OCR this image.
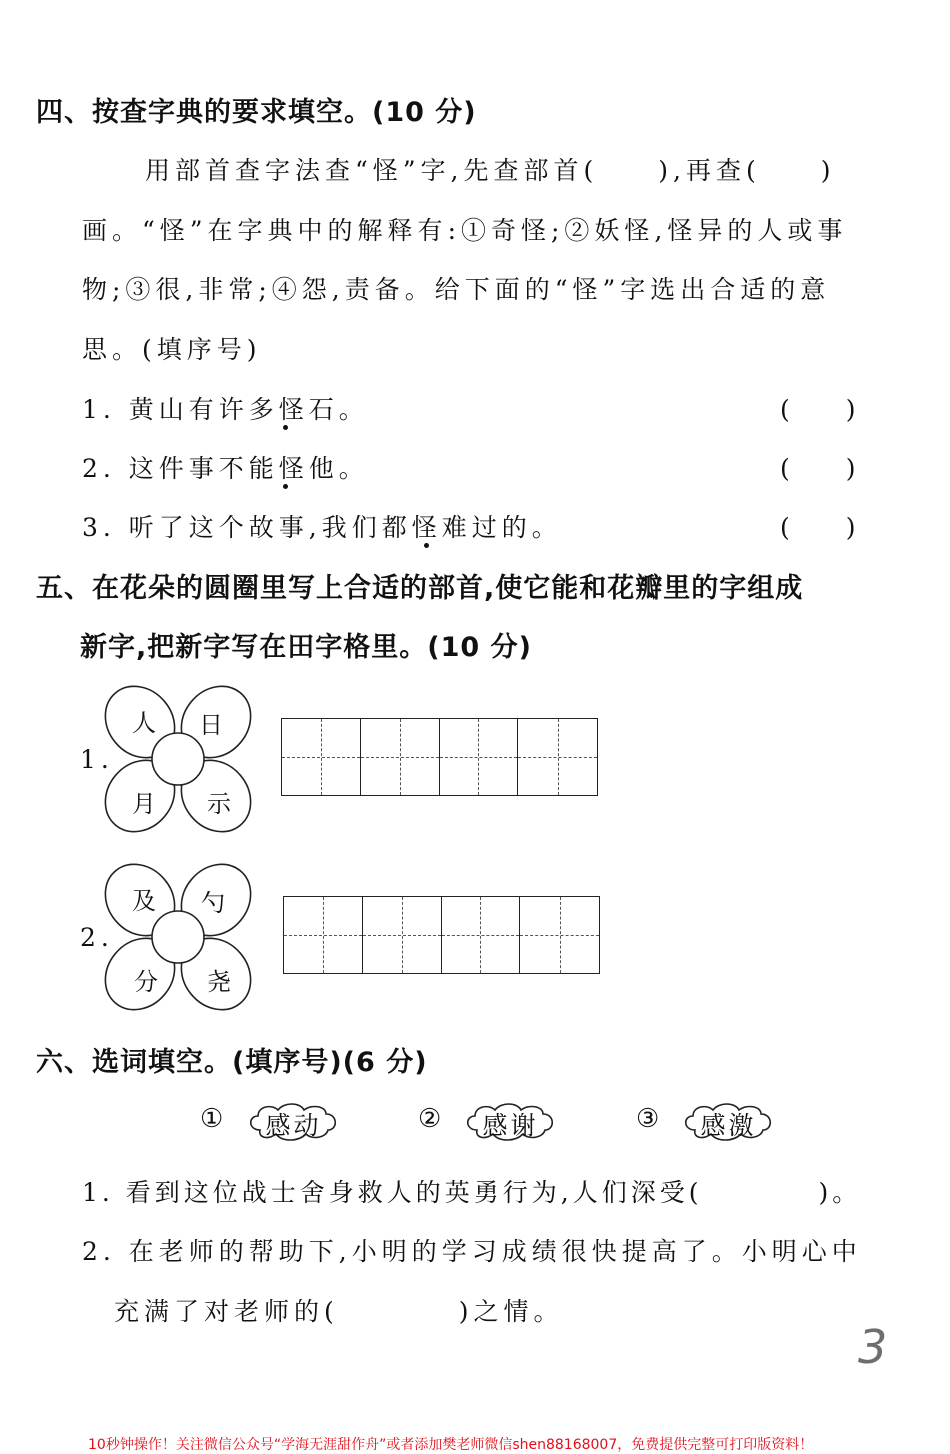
四、按查字典的要求填空。(10 分)
用部首查字法查“怪”字,先查部首(　　),再查(　　)
画。“怪”在字典中的解释有:①奇怪;②妖怪,怪异的人或事
物;③很,非常;④怨,责备。给下面的“怪”字选出合适的意
思。(填序号)
1. 黄山有许多怪石。	(　　)
2. 这件事不能怪他。	(　　)
3. 听了这个故事,我们都怪难过的。	(　　)
五、在花朵的圆圈里写上合适的部首,使它能和花瓣里的字组成
新字,把新字写在田字格里。(10 分)
1.
人 日
月 示
2.
及 勺
分 尧
六、选词填空。(填序号)(6 分)
①	感动	②	感谢	③	感激
1. 看到这位战士舍身救人的英勇行为,人们深受(　　　　)。
2. 在老师的帮助下,小明的学习成绩很快提高了。小明心中
充满了对老师的(　　　　)之情。
3
10秒钟操作！关注微信公众号“学海无涯甜作舟”或者添加樊老师微信shen88168007，免费提供完整可打印版资料！
